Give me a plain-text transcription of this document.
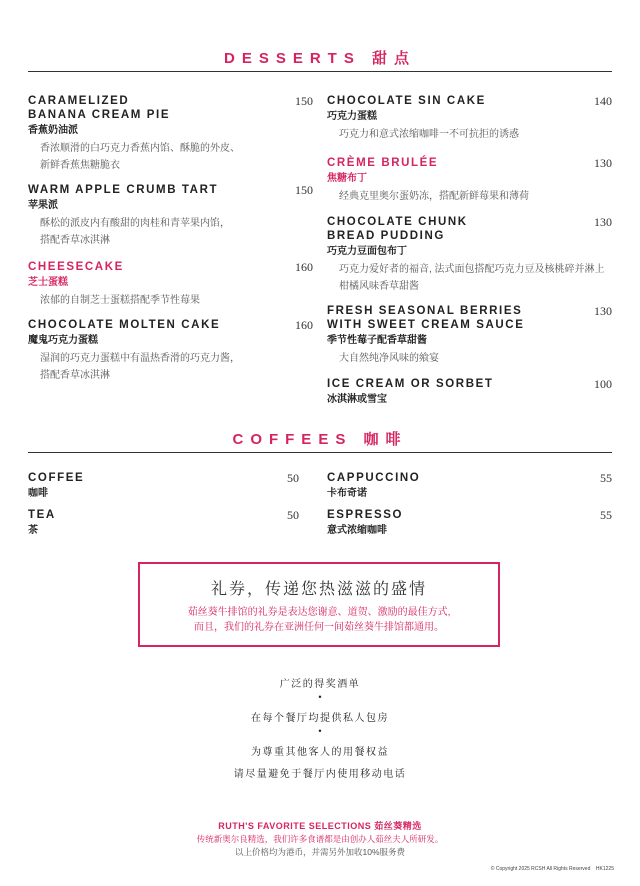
DESSERTS 甜点
CARAMELIZED
BANANA CREAM PIE
香蕉奶油派
香浓顺滑的白巧克力香蕉内馅、酥脆的外皮、
新鲜香蕉焦糖脆衣
150
WARM APPLE CRUMB TART
苹果派
酥松的派皮内有酸甜的肉桂和青苹果内馅，
搭配香草冰淇淋
150
CHEESECAKE
芝士蛋糕
浓郁的自制芝士蛋糕搭配季节性莓果
160
CHOCOLATE MOLTEN CAKE
魔鬼巧克力蛋糕
湿润的巧克力蛋糕中有温热香滑的巧克力酱，
搭配香草冰淇淋
160
CHOCOLATE SIN CAKE
巧克力蛋糕
巧克力和意式浓缩咖啡一不可抗拒的诱惑
140
CRÈME BRULÉE
焦糖布丁
经典克里奥尔蛋奶冻，搭配新鲜莓果和薄荷
130
CHOCOLATE CHUNK
BREAD PUDDING
巧克力豆面包布丁
巧克力爱好者的福音, 法式面包搭配巧克力豆及核桃碎并淋上
柑橘风味香草甜酱
130
FRESH SEASONAL BERRIES
WITH SWEET CREAM SAUCE
季节性莓子配香草甜酱
大自然纯净风味的飨宴
130
ICE CREAM OR SORBET
冰淇淋或雪宝
100
COFFEES 咖啡
COFFEE
咖啡
50
TEA
茶
50
CAPPUCCINO
卡布奇诺
55
ESPRESSO
意式浓缩咖啡
55
礼券，传递您热滋滋的盛情
茹丝葵牛排馆的礼券是表达您谢意、道贺、激励的最佳方式,
而且，我们的礼券在亚洲任何一间茹丝葵牛排馆都通用。
广泛的得奖酒单
•
在每个餐厅均提供私人包房
•
为尊重其他客人的用餐权益
请尽量避免于餐厅内使用移动电话
RUTH'S FAVORITE SELECTIONS 茹丝葵精选
传统新奥尔良精选，我们许多食谱都是由创办人茹丝夫人所研发。
以上价格均为港币，并需另外加收10%服务费
© Copyright 2025 RCSH All Rights Reserved HK1225
